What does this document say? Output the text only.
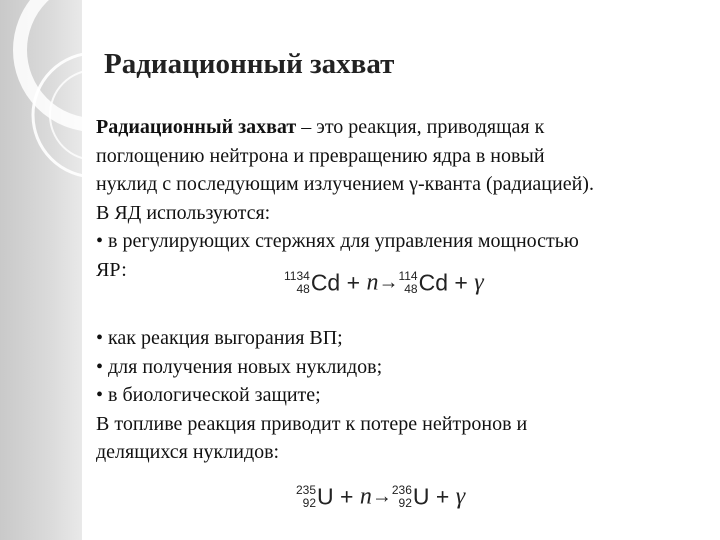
Радиационный захват
Радиационный захват – это реакция, приводящая к
поглощению нейтрона и превращению ядра в новый
нуклид с последующим излучением γ-кванта (радиацией).
В ЯД используются:
• в регулирующих стержнях для управления мощностью
ЯР:
• как реакция выгорания ВП;
• для получения новых нуклидов;
• в биологической защите;
В топливе реакция приводит к потере нейтронов и
делящихся нуклидов:
1134
48 Cd + n→ 114
48 Cd + γ
235
92 U + n→ 236
92 U + γ
